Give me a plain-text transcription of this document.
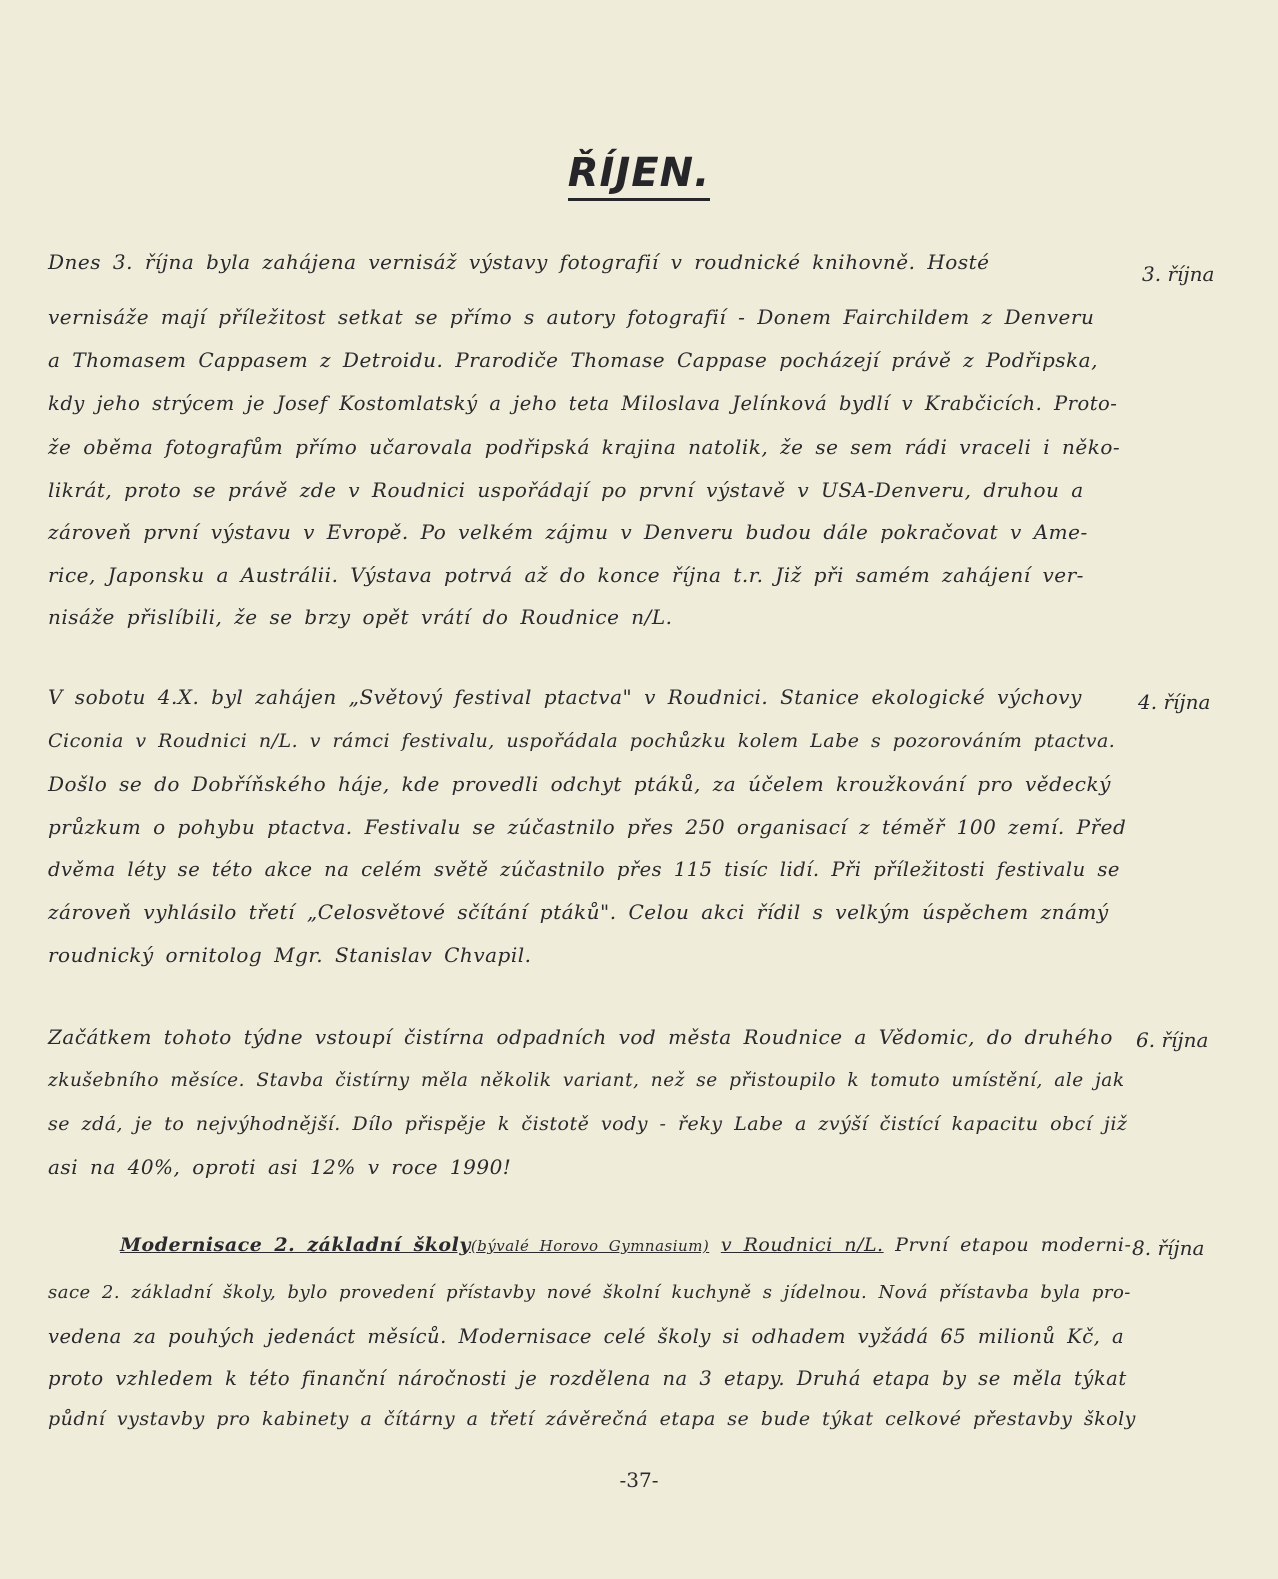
ŘÍJEN.
3. října
Dnes 3. října byla zahájena vernisáž výstavy fotografií v roudnické knihovně. Hosté
vernisáže mají příležitost setkat se přímo s autory fotografií - Donem Fairchildem z Denveru
a Thomasem Cappasem z Detroidu. Prarodiče Thomase Cappase pocházejí právě z Podřipska,
kdy jeho strýcem je Josef Kostomlatský a jeho teta Miloslava Jelínková bydlí v Krabčicích. Proto-
že oběma fotografům přímo učarovala podřipská krajina natolik, že se sem rádi vraceli i něko-
likrát, proto se právě zde v Roudnici uspořádají po první výstavě v USA-Denveru, druhou a
zároveň první výstavu v Evropě. Po velkém zájmu v Denveru budou dále pokračovat v Ame-
rice, Japonsku a Austrálii. Výstava potrvá až do konce října t.r. Již při samém zahájení ver-
nisáže přislíbili, že se brzy opět vrátí do Roudnice n/L.
4. října
V sobotu 4.X. byl zahájen „Světový festival ptactva" v Roudnici. Stanice ekologické výchovy
Ciconia v Roudnici n/L. v rámci festivalu, uspořádala pochůzku kolem Labe s pozorováním ptactva.
Došlo se do Dobříňského háje, kde provedli odchyt ptáků, za účelem kroužkování pro vědecký
průzkum o pohybu ptactva. Festivalu se zúčastnilo přes 250 organisací z téměř 100 zemí. Před
dvěma léty se této akce na celém světě zúčastnilo přes 115 tisíc lidí. Při příležitosti festivalu se
zároveň vyhlásilo třetí „Celosvětové sčítání ptáků". Celou akci řídil s velkým úspěchem známý
roudnický ornitolog Mgr. Stanislav Chvapil.
6. října
Začátkem tohoto týdne vstoupí čistírna odpadních vod města Roudnice a Vědomic, do druhého
zkušebního měsíce. Stavba čistírny měla několik variant, než se přistoupilo k tomuto umístění, ale jak
se zdá, je to nejvýhodnější. Dílo přispěje k čistotě vody - řeky Labe a zvýší čistící kapacitu obcí již
asi na 40%, oproti asi 12% v roce 1990!
8. října
Modernisace 2. základní školy(bývalé Horovo Gymnasium) v Roudnici n/L. První etapou moderni-
sace 2. základní školy, bylo provedení přístavby nové školní kuchyně s jídelnou. Nová přístavba byla pro-
vedena za pouhých jedenáct měsíců. Modernisace celé školy si odhadem vyžádá 65 milionů Kč, a
proto vzhledem k této finanční náročnosti je rozdělena na 3 etapy. Druhá etapa by se měla týkat
půdní vystavby pro kabinety a čítárny a třetí závěrečná etapa se bude týkat celkové přestavby školy
-37-
